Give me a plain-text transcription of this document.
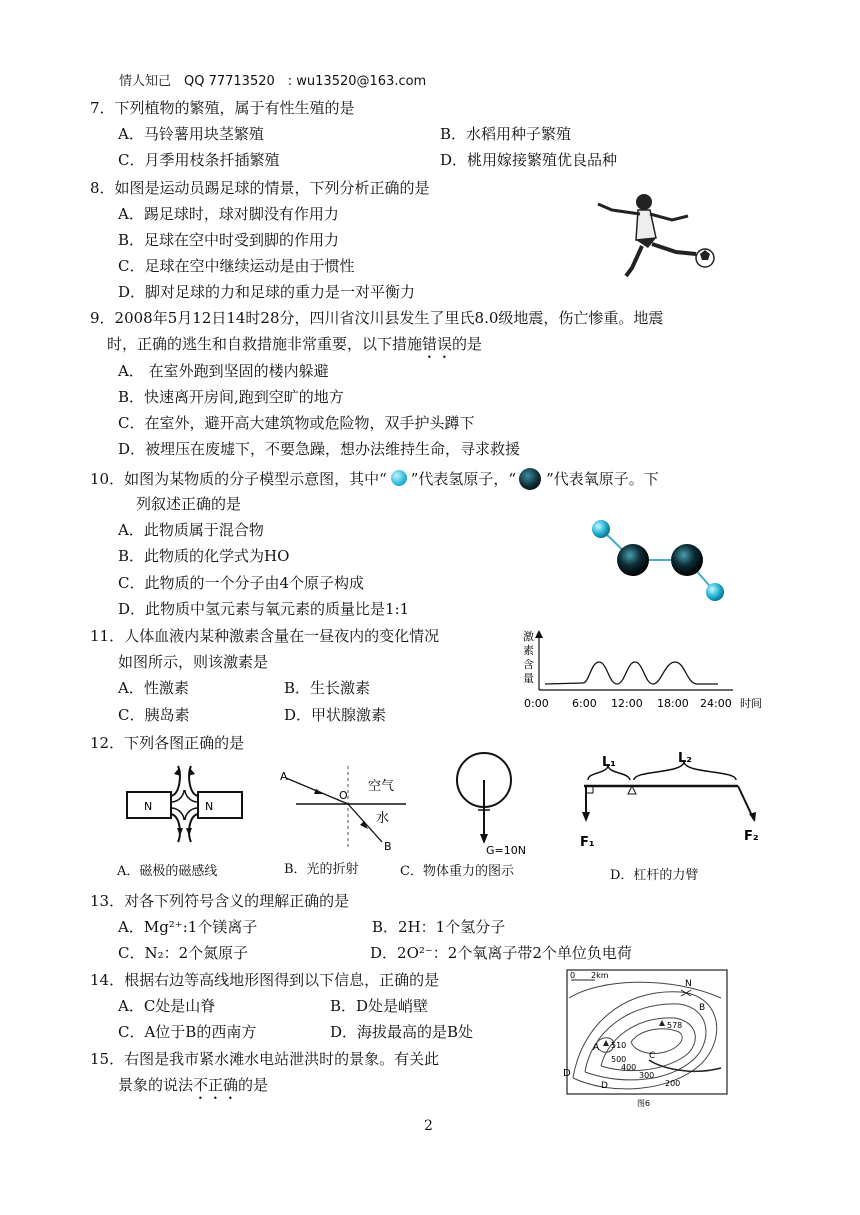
情人知己　QQ 77713520　: wu13520@163.com
7．下列植物的繁殖，属于有性生殖的是
A．马铃薯用块茎繁殖	B．水稻用种子繁殖
C．月季用枝条扦插繁殖	D．桃用嫁接繁殖优良品种
8．如图是运动员踢足球的情景，下列分析正确的是
A．踢足球时，球对脚没有作用力
B．足球在空中时受到脚的作用力
C．足球在空中继续运动是由于惯性
D．脚对足球的力和足球的重力是一对平衡力
9．2008年5月12日14时28分，四川省汶川县发生了里氏8.0级地震，伤亡惨重。地震
时，正确的逃生和自救措施非常重要，以下措施错误的是
A． 在室外跑到坚固的楼内躲避
B．快速离开房间,跑到空旷的地方
C．在室外，避开高大建筑物或危险物，双手护头蹲下
D．被埋压在废墟下，不要急躁，想办法维持生命，寻求救援
10．如图为某物质的分子模型示意图，其中“ ”代表氢原子，“ ”代表氧原子。下
列叙述正确的是
A．此物质属于混合物
B．此物质的化学式为HO
C．此物质的一个分子由4个原子构成
D．此物质中氢元素与氧元素的质量比是1:1
11．人体血液内某种激素含量在一昼夜内的变化情况
如图所示，则该激素是
A．性激素	B．生长激素
C．胰岛素	D．甲状腺激素
激
素
含
量
0:00 6:00 12:00 18:00 24:00 时间
12．下列各图正确的是
N	N
A．磁极的磁感线
A
O
空气
水
B
B．光的折射
G=10N
C．物体重力的图示
L₁	L₂
F₁	F₂
D．杠杆的力臂
13．对各下列符号含义的理解正确的是
A．Mg²⁺:1个镁离子	B．2H：1个氢分子
C．N₂：2个氮原子	D．2O²⁻：2个氧离子带2个单位负电荷
14．根据右边等高线地形图得到以下信息，正确的是
A．C处是山脊	B．D处是峭壁
C．A位于B的西南方	D．海拔最高的是B处
0 2km
N
B
578
A 510
500	C
400
300
200
D
D
图6
15．右图是我市紧水滩水电站泄洪时的景象。有关此
景象的说法不正确的是
2
